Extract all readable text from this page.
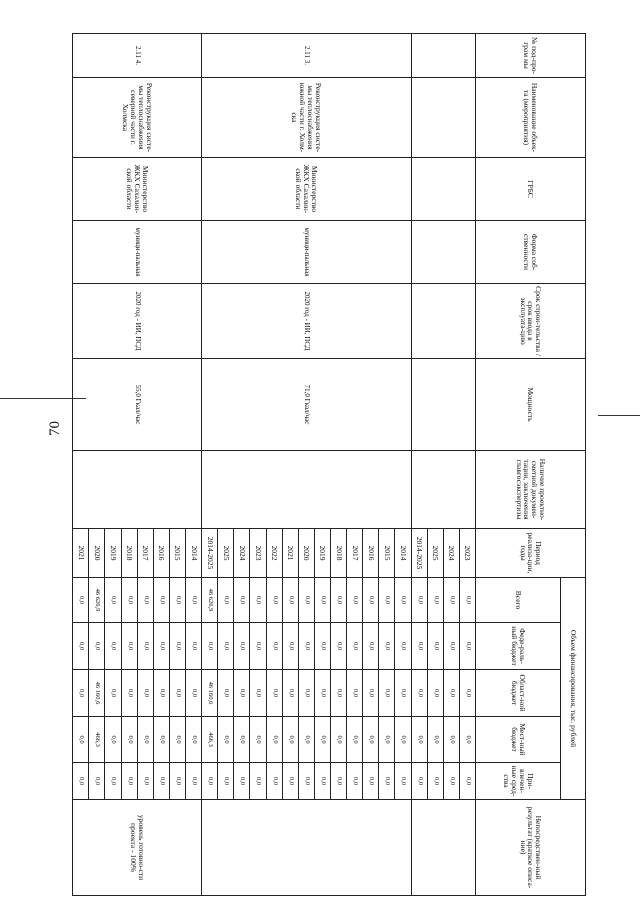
70
№ под-про-грам мы	Наименование объек-та (мероприятия)	ГРБС	Форма соб-ственности	Срок строи-тельства / срок ввода в эксплуата-цию	Мощность	Наличие проектно-сметной докумен-тации, заключения главгосэкспертизы	Период реализа-ции, годы	Объем финансирования, тыс. рублей					Непосредствен-ный результат (краткое описа-ние)
								Всего	Феде-раль-ный бюджет	Област-ной бюджет	Мест-ный бюджет	При-влечен-ные сред-ства	
							2023	0,0	0,0	0,0	0,0	0,0	
							2024	0,0	0,0	0,0	0,0	0,0	
							2025	0,0	0,0	0,0	0,0	0,0	
							2014-2025	0,0	0,0	0,0	0,0	0,0	
2.11 3.	Реконструкция систе-мы теплоснабжения южной части г. Холм-ска	Министерство ЖКХ Сахалин-ской области	муници-пальная	2020 год - ИИ, ПСД	71,0 Гкал/час		2014	0,0	0,0	0,0	0,0	0,0	
							2015	0,0	0,0	0,0	0,0	0,0	
							2016	0,0	0,0	0,0	0,0	0,0	
							2017	0,0	0,0	0,0	0,0	0,0	
							2018	0,0	0,0	0,0	0,0	0,0	
							2019	0,0	0,0	0,0	0,0	0,0	
							2020	0,0	0,0	0,0	0,0	0,0	
							2021	0,0	0,0	0,0	0,0	0,0	
							2022	0,0	0,0	0,0	0,0	0,0	
							2023	0,0	0,0	0,0	0,0	0,0	
							2024	0,0	0,0	0,0	0,0	0,0	
							2025	0,0	0,0	0,0	0,0	0,0	
							2014-2025	46 626,9	0,0	46 160,6	466,3	0,0	
2.11 4.	Реконструкция систе-мы теплоснабжения северной части г. Холмска	Министерство ЖКХ Сахалин-ской области	муници-пальная	2020 год - ИИ, ПСД	55,0 Гкал/час		2014	0,0	0,0	0,0	0,0	0,0	уровень готовно-сти проекта - 100%
							2015	0,0	0,0	0,0	0,0	0,0	
							2016	0,0	0,0	0,0	0,0	0,0	
							2017	0,0	0,0	0,0	0,0	0,0	
							2018	0,0	0,0	0,0	0,0	0,0	
							2019	0,0	0,0	0,0	0,0	0,0	
							2020	46 626,9	0,0	46 160,6	466,3	0,0	
							2021	0,0	0,0	0,0	0,0	0,0	
